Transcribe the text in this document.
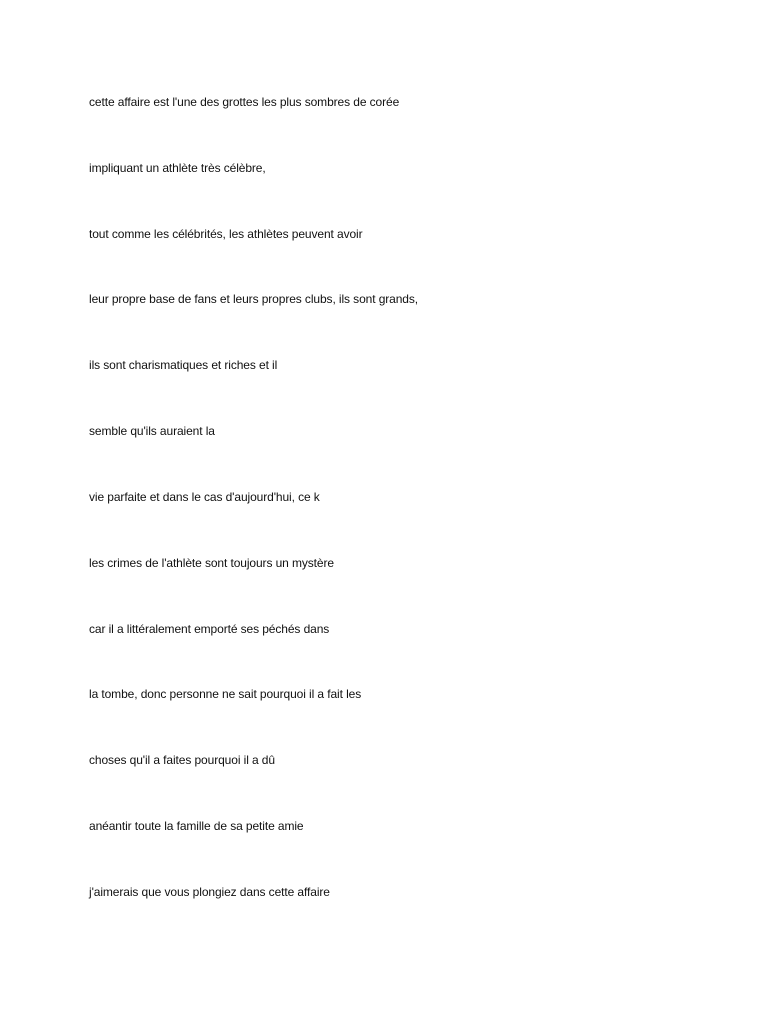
cette affaire est l'une des grottes les plus sombres de corée

impliquant un athlète très célèbre,

tout comme les célébrités, les athlètes peuvent avoir

leur propre base de fans et leurs propres clubs, ils sont grands,

ils sont charismatiques et riches et il

semble qu'ils auraient la

vie parfaite et dans le cas d'aujourd'hui, ce k

les crimes de l'athlète sont toujours un mystère

car il a littéralement emporté ses péchés dans

la tombe, donc personne ne sait pourquoi il a fait les

choses qu'il a faites pourquoi il a dû

anéantir toute la famille de sa petite amie

j'aimerais que vous plongiez dans cette affaire
